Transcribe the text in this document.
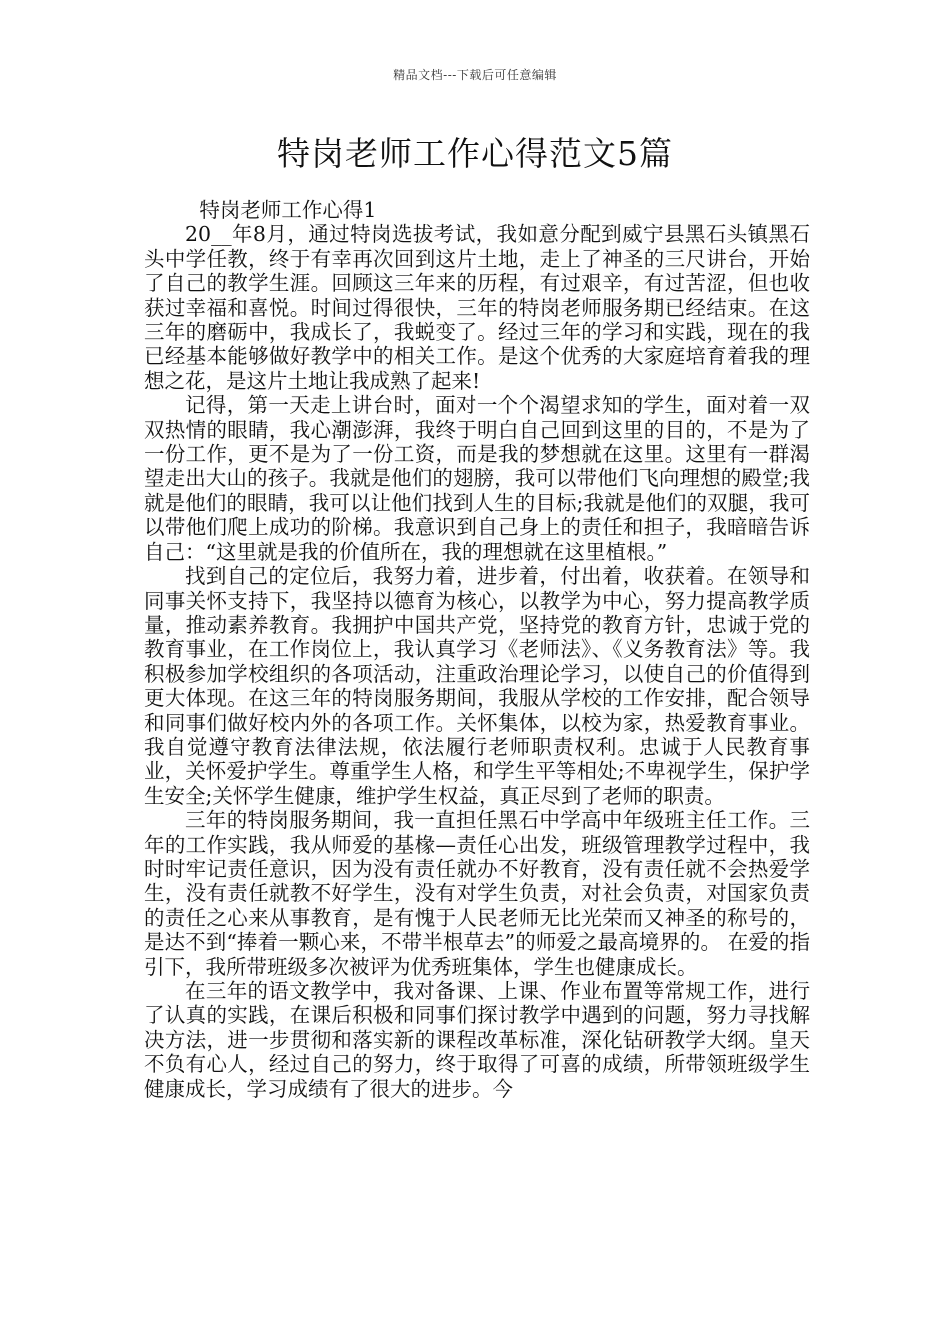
精品文档---下载后可任意编辑
特岗老师工作心得范文5篇

特岗老师工作心得1

20__年8月，通过特岗选拔考试，我如意分配到威宁县黑石头镇黑石头中学任教，终于有幸再次回到这片土地，走上了神圣的三尺讲台，开始了自己的教学生涯。回顾这三年来的历程，有过艰辛，有过苦涩，但也收获过幸福和喜悦。时间过得很快，三年的特岗老师服务期已经结束。在这三年的磨砺中，我成长了，我蜕变了。经过三年的学习和实践，现在的我已经基本能够做好教学中的相关工作。是这个优秀的大家庭培育着我的理想之花，是这片土地让我成熟了起来!

记得，第一天走上讲台时，面对一个个渴望求知的学生，面对着一双双热情的眼睛，我心潮澎湃，我终于明白自己回到这里的目的，不是为了一份工作，更不是为了一份工资，而是我的梦想就在这里。这里有一群渴望走出大山的孩子。我就是他们的翅膀，我可以带他们飞向理想的殿堂;我就是他们的眼睛，我可以让他们找到人生的目标;我就是他们的双腿，我可以带他们爬上成功的阶梯。我意识到自己身上的责任和担子，我暗暗告诉自己：“这里就是我的价值所在，我的理想就在这里植根。”

找到自己的定位后，我努力着，进步着，付出着，收获着。在领导和同事关怀支持下，我坚持以德育为核心，以教学为中心，努力提高教学质量，推动素养教育。我拥护中国共产党，坚持党的教育方针，忠诚于党的教育事业，在工作岗位上，我认真学习《老师法》、《义务教育法》等。我积极参加学校组织的各项活动，注重政治理论学习，以使自己的价值得到更大体现。在这三年的特岗服务期间，我服从学校的工作安排，配合领导和同事们做好校内外的各项工作。关怀集体，以校为家，热爱教育事业。我自觉遵守教育法律法规，依法履行老师职责权利。忠诚于人民教育事业，关怀爱护学生。尊重学生人格，和学生平等相处;不卑视学生，保护学生安全;关怀学生健康，维护学生权益，真正尽到了老师的职责。

三年的特岗服务期间，我一直担任黑石中学高中年级班主任工作。三年的工作实践，我从师爱的基椽—责任心出发，班级管理教学过程中，我时时牢记责任意识，因为没有责任就办不好教育，没有责任就不会热爱学生，没有责任就教不好学生，没有对学生负责，对社会负责，对国家负责的责任之心来从事教育，是有愧于人民老师无比光荣而又神圣的称号的，是达不到“捧着一颗心来，不带半根草去”的师爱之最高境界的。 在爱的指引下，我所带班级多次被评为优秀班集体，学生也健康成长。

在三年的语文教学中，我对备课、上课、作业布置等常规工作，进行了认真的实践，在课后积极和同事们探讨教学中遇到的问题，努力寻找解决方法，进一步贯彻和落实新的课程改革标准，深化钻研教学大纲。皇天不负有心人，经过自己的努力，终于取得了可喜的成绩，所带领班级学生健康成长，学习成绩有了很大的进步。今
